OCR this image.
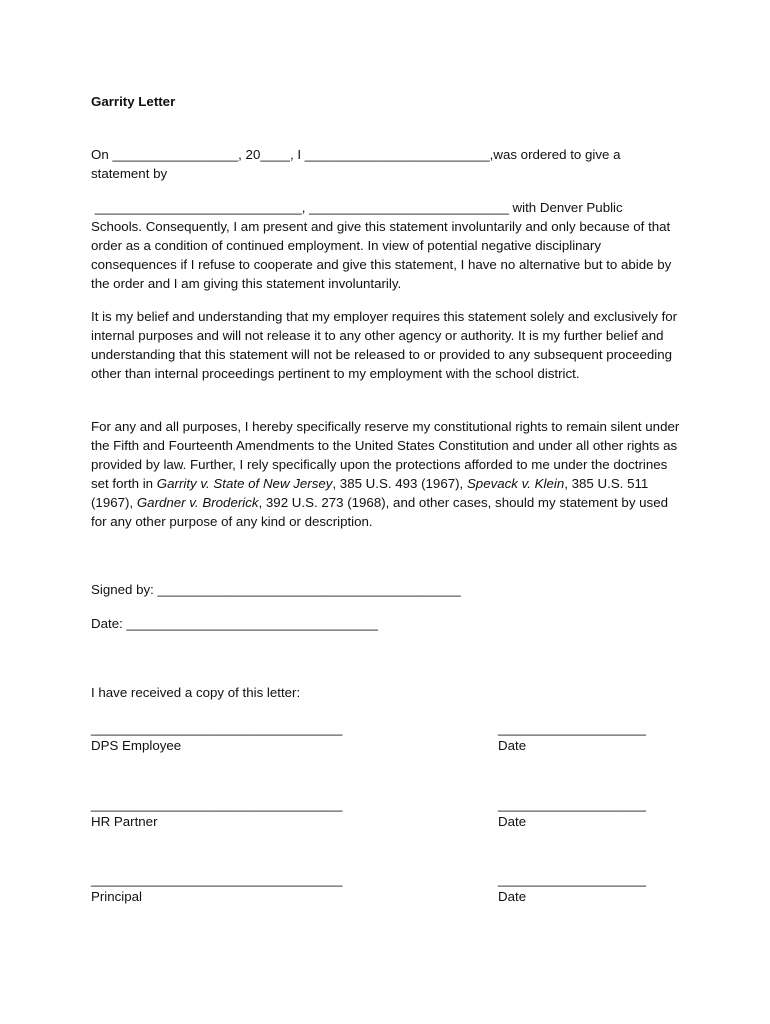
Garrity Letter
On _________________, 20____, I _________________________,was ordered to give a
statement by
____________________________, ___________________________ with Denver Public

Schools. Consequently, I am present and give this statement involuntarily and only because of that order as a condition of continued employment. In view of potential negative disciplinary consequences if I refuse to cooperate and give this statement, I have no alternative but to abide by the order and I am giving this statement involuntarily.

It is my belief and understanding that my employer requires this statement solely and exclusively for internal purposes and will not release it to any other agency or authority. It is my further belief and understanding that this statement will not be released to or provided to any subsequent proceeding other than internal proceedings pertinent to my employment with the school district.

For any and all purposes, I hereby specifically reserve my constitutional rights to remain silent under the Fifth and Fourteenth Amendments to the United States Constitution and under all other rights as provided by law. Further, I rely specifically upon the protections afforded to me under the doctrines set forth in Garrity v. State of New Jersey, 385 U.S. 493 (1967), Spevack v. Klein, 385 U.S. 511 (1967), Gardner v. Broderick, 392 U.S. 273 (1968), and other cases, should my statement by used for any other purpose of any kind or description.

Signed by: _________________________________________
Date: __________________________________
I have received a copy of this letter:
__________________________________	____________________
DPS Employee	Date
__________________________________	____________________
HR Partner	Date
__________________________________	____________________
Principal	Date
